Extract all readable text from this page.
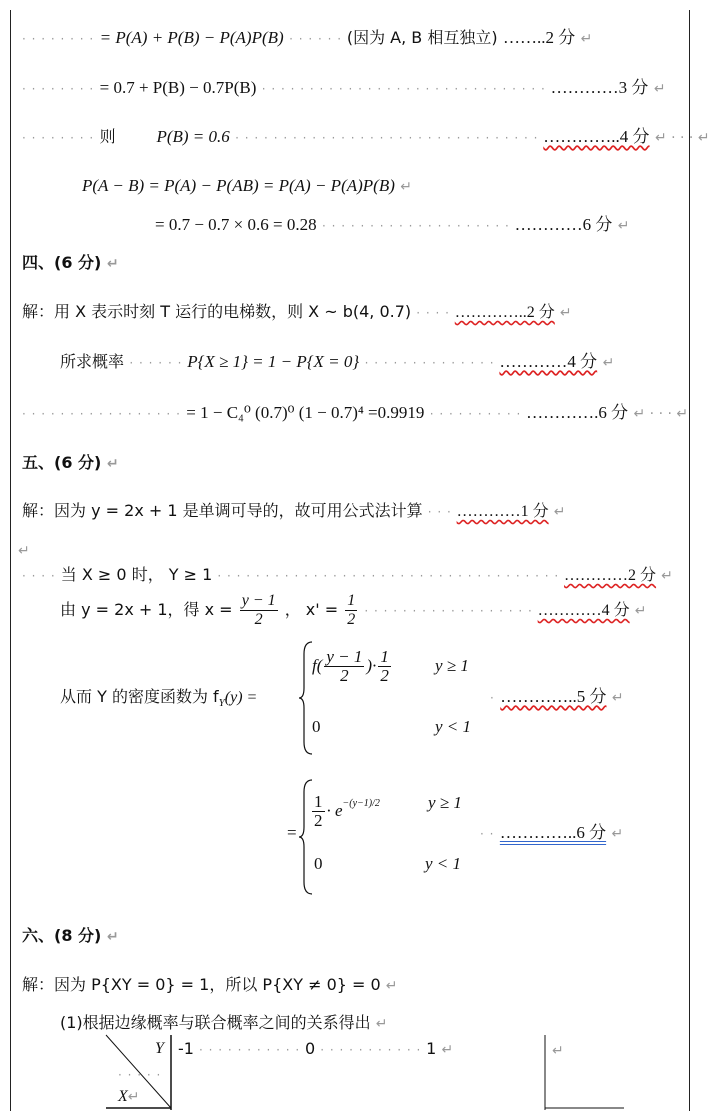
· · · · · · · · = P(A) + P(B) − P(A)P(B) · · · · · · (因为 A, B 相互独立) ……..2 分 ↵
· · · · · · · · = 0.7 + P(B) − 0.7P(B) · · · · · · · · · · · · · · · · · · · · · · · · · · · · · · …………3 分 ↵
· · · · · · · · 则 P(B) = 0.6 · · · · · · · · · · · · · · · · · · · · · · · · · · · · · · · · …………..4 分 ↵ · · · ↵
P(A − B) = P(A) − P(AB) = P(A) − P(A)P(B) ↵
= 0.7 − 0.7 × 0.6 = 0.28 · · · · · · · · · · · · · · · · · · · · …………6 分 ↵
四、(6 分) ↵
解：用 X 表示时刻 T 运行的电梯数，则 X ~ b(4, 0.7) · · · · …………..2 分 ↵
所求概率 · · · · · · P{X ≥ 1} = 1 − P{X = 0} · · · · · · · · · · · · · · …………4 分 ↵
· · · · · · · · · · · · · · · · · = 1 − C₄⁰ (0.7)⁰ (1 − 0.7)⁴ =0.9919 · · · · · · · · · · ………….6 分 ↵ · · · ↵
五、(6 分) ↵
解：因为 y = 2x + 1 是单调可导的，故可用公式法计算 · · · …………1 分 ↵
↵
· · · · 当 X ≥ 0 时， Y ≥ 1 · · · · · · · · · · · · · · · · · · · · · · · · · · · · · · · · · · · · …………2 分 ↵
由 y = 2x + 1，得 $x = \frac{y - 1}{2}$ ， $x' = \frac{1}{2}$ · · · · · · · · · · · · · · · · · · …………4 分 ↵
从而 Y 的密度函数为 $f_Y(y)$ =
$f( \frac{y - 1}{2}$ )· $\frac{1}{2}$	y ≥ 1
0	y < 1
· …………..5 分 ↵
=
$\frac{1}{2} \cdot e^{-(y-1)/2}$	y ≥ 1
0	y < 1
· · …………..6 分 ↵
六、(8 分) ↵
解：因为 P{XY = 0} = 1，所以 P{XY ≠ 0} = 0 ↵
(1)根据边缘概率与联合概率之间的关系得出 ↵
Y
· · · · ·
X↵
-1 · · · · · · · · · · · 0 · · · · · · · · · · · 1 ↵	↵
